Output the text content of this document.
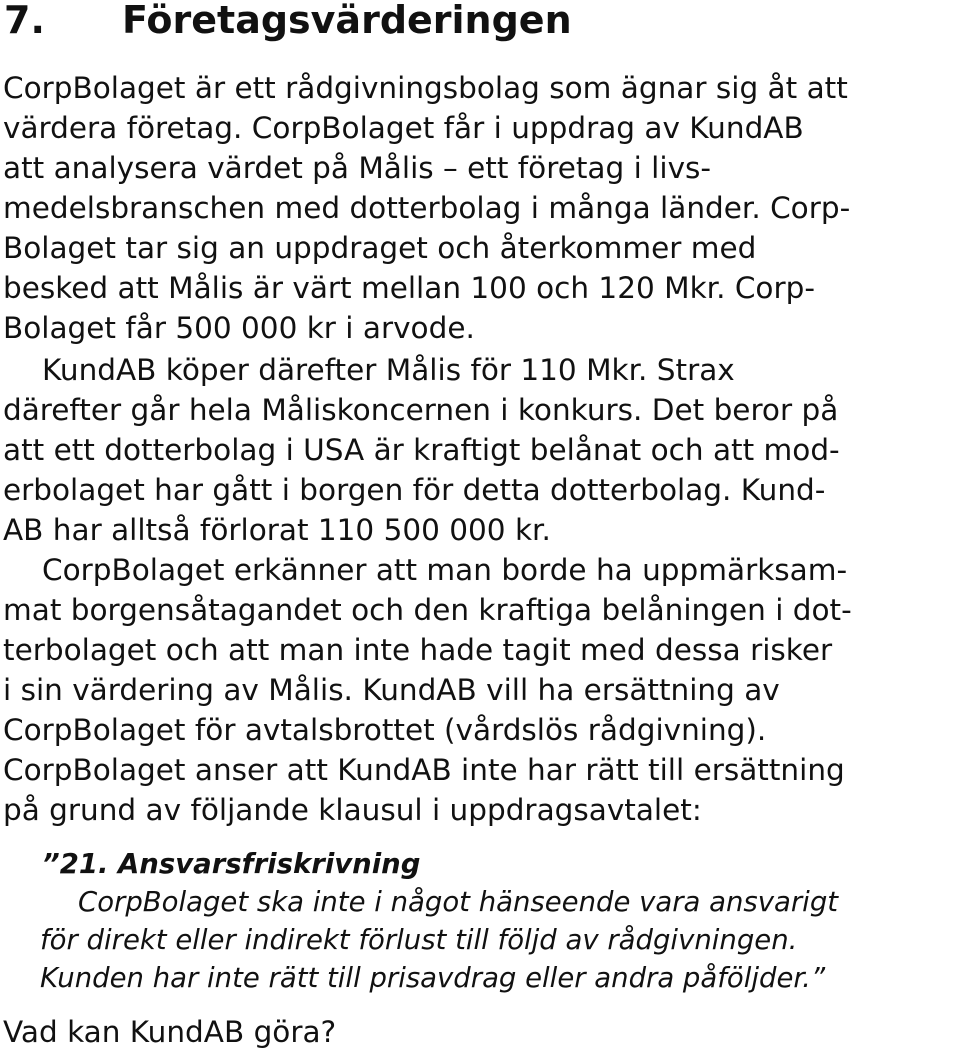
7. Företagsvärderingen
CorpBolaget är ett rådgivningsbolag som ägnar sig åt att
värdera företag. CorpBolaget får i uppdrag av KundAB
att analysera värdet på Målis – ett företag i livs-
medelsbranschen med dotterbolag i många länder. Corp-
Bolaget tar sig an uppdraget och återkommer med
besked att Målis är värt mellan 100 och 120 Mkr. Corp-
Bolaget får 500 000 kr i arvode.
KundAB köper därefter Målis för 110 Mkr. Strax
därefter går hela Måliskoncernen i konkurs. Det beror på
att ett dotterbolag i USA är kraftigt belånat och att mod-
erbolaget har gått i borgen för detta dotterbolag. Kund-
AB har alltså förlorat 110 500 000 kr.
CorpBolaget erkänner att man borde ha uppmärksam-
mat borgensåtagandet och den kraftiga belåningen i dot-
terbolaget och att man inte hade tagit med dessa risker
i sin värdering av Målis. KundAB vill ha ersättning av
CorpBolaget för avtalsbrottet (vårdslös rådgivning).
CorpBolaget anser att KundAB inte har rätt till ersättning
på grund av följande klausul i uppdragsavtalet:
”21. Ansvarsfriskrivning
CorpBolaget ska inte i något hänseende vara ansvarigt
för direkt eller indirekt förlust till följd av rådgivningen.
Kunden har inte rätt till prisavdrag eller andra påföljder.”
Vad kan KundAB göra?
